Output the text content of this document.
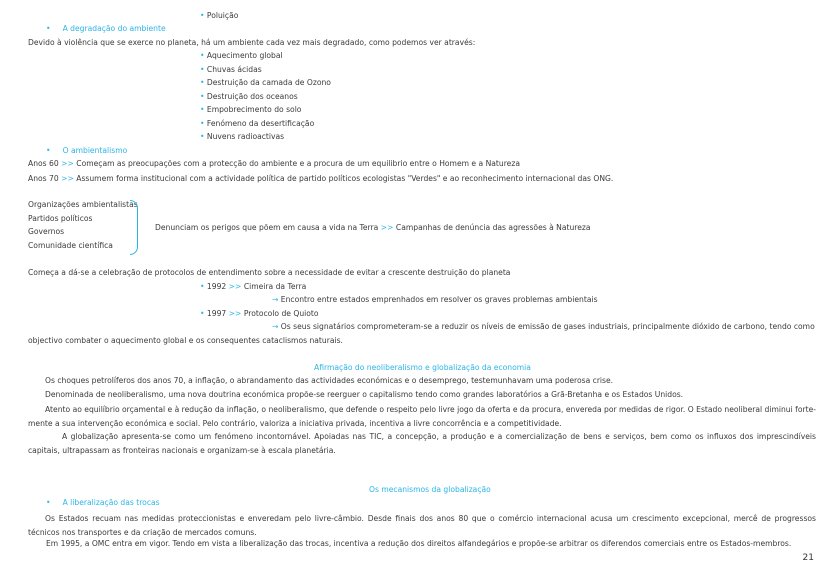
• Poluição
•     A degradação do ambiente
Devido à violência que se exerce no planeta, há um ambiente cada vez mais degradado, como podemos ver através:
• Aquecimento global
• Chuvas ácidas
• Destruição da camada de Ozono
• Destruição dos oceanos
• Empobrecimento do solo
• Fenómeno da desertificação
• Nuvens radioactivas
•     O ambientalismo
Anos 60 >> Começam as preocupações com a protecção do ambiente e a procura de um equilibrio entre o Homem e a Natureza
Anos 70 >> Assumem forma institucional com a actividade política de partido políticos ecologistas "Verdes" e ao reconhecimento internacional das ONG.
Organizações ambientalistas
Partidos políticos
Governos
Comunidade científica
Denunciam os perigos que põem em causa a vida na Terra >> Campanhas de denúncia das agressões à Natureza
Começa a dá-se a celebração de protocolos de entendimento sobre a necessidade de evitar a crescente destruição do planeta
• 1992 >> Cimeira da Terra
→ Encontro entre estados emprenhados em resolver os graves problemas ambientais
• 1997 >> Protocolo de Quioto
→ Os seus signatários comprometeram-se a reduzir os níveis de emissão de gases industriais, principalmente dióxido de carbono, tendo como
objectivo combater o aquecimento global e os consequentes cataclismos naturais.
Afirmação do neoliberalismo e globalização da economia
Os choques petrolíferos dos anos 70, a inflação, o abrandamento das actividades económicas e o desemprego, testemunhavam uma poderosa crise.
Denominada de neoliberalismo, uma nova doutrina económica propõe-se reerguer o capitalismo tendo como grandes laboratórios a Grã-Bretanha e os Estados Unidos.
Atento ao equilíbrio orçamental e à redução da inflação, o neoliberalismo, que defende o respeito pelo livre jogo da oferta e da procura, envereda por medidas de rigor. O Estado neoliberal diminui forte-mente a sua intervenção económica e social. Pelo contrário, valoriza a iniciativa privada, incentiva a livre concorrência e a competitividade.
A globalização apresenta-se como um fenómeno incontornável. Apoiadas nas TIC, a concepção, a produção e a comercialização de bens e serviços, bem como os influxos dos imprescindíveis capitais, ultrapassam as fronteiras nacionais e organizam-se à escala planetária.
Os mecanismos da globalização
•     A liberalização das trocas
Os Estados recuam nas medidas proteccionistas e enveredam pelo livre-câmbio. Desde finais dos anos 80 que o comércio internacional acusa um crescimento excepcional, mercê de progressos técnicos nos transportes e da criação de mercados comuns.
Em 1995, a OMC entra em vigor. Tendo em vista a liberalização das trocas, incentiva a redução dos direitos alfandegários e propõe-se arbitrar os diferendos comerciais entre os Estados-membros.
21
